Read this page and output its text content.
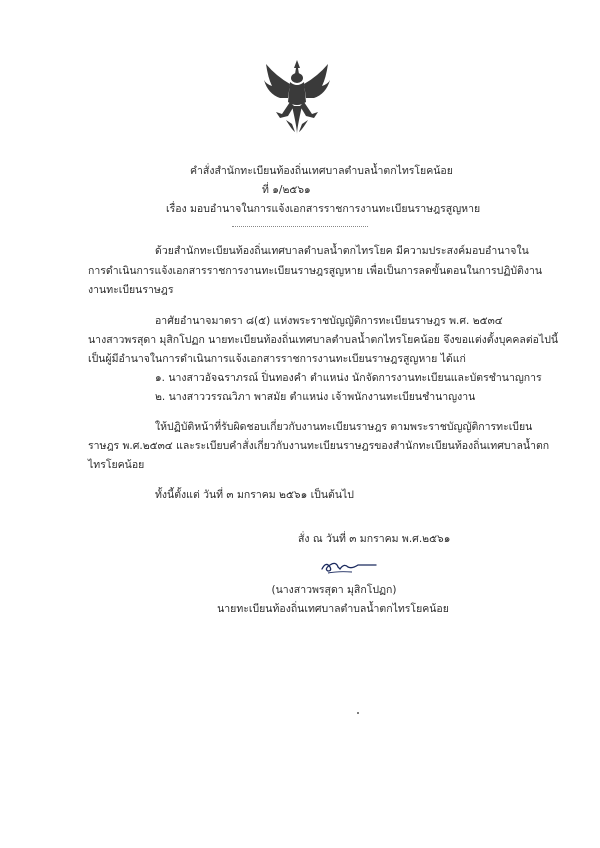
คำสั่งสำนักทะเบียนท้องถิ่นเทศบาลตำบลน้ำตกไทรโยคน้อย
ที่ ๑/๒๕๖๑
เรื่อง มอบอำนาจในการแจ้งเอกสารราชการงานทะเบียนราษฎรสูญหาย
ด้วยสำนักทะเบียนท้องถิ่นเทศบาลตำบลน้ำตกไทรโยค มีความประสงค์มอบอำนาจใน
การดำเนินการแจ้งเอกสารราชการงานทะเบียนราษฎรสูญหาย เพื่อเป็นการลดขั้นตอนในการปฏิบัติงาน
งานทะเบียนราษฎร
อาศัยอำนาจมาตรา ๘(๕) แห่งพระราชบัญญัติการทะเบียนราษฎร พ.ศ. ๒๕๓๔
นางสาวพรสุดา มุสิกโปฏก นายทะเบียนท้องถิ่นเทศบาลตำบลน้ำตกไทรโยคน้อย จึงขอแต่งตั้งบุคคลต่อไปนี้
เป็นผู้มีอำนาจในการดำเนินการแจ้งเอกสารราชการงานทะเบียนราษฎรสูญหาย ได้แก่
๑. นางสาวอัจฉราภรณ์ ปิ่นทองคำ ตำแหน่ง นักจัดการงานทะเบียนและบัตรชำนาญการ
๒. นางสาววรรณวิภา พาสมัย ตำแหน่ง เจ้าพนักงานทะเบียนชำนาญงาน
ให้ปฏิบัติหน้าที่รับผิดชอบเกี่ยวกับงานทะเบียนราษฎร ตามพระราชบัญญัติการทะเบียน
ราษฎร พ.ศ.๒๕๓๔ และระเบียบคำสั่งเกี่ยวกับงานทะเบียนราษฎรของสำนักทะเบียนท้องถิ่นเทศบาลน้ำตก
ไทรโยคน้อย
ทั้งนี้ตั้งแต่ วันที่ ๓ มกราคม ๒๕๖๑ เป็นต้นไป
สั่ง ณ วันที่ ๓ มกราคม พ.ศ.๒๕๖๑
(นางสาวพรสุดา มุสิกโปฏก)
นายทะเบียนท้องถิ่นเทศบาลตำบลน้ำตกไทรโยคน้อย
